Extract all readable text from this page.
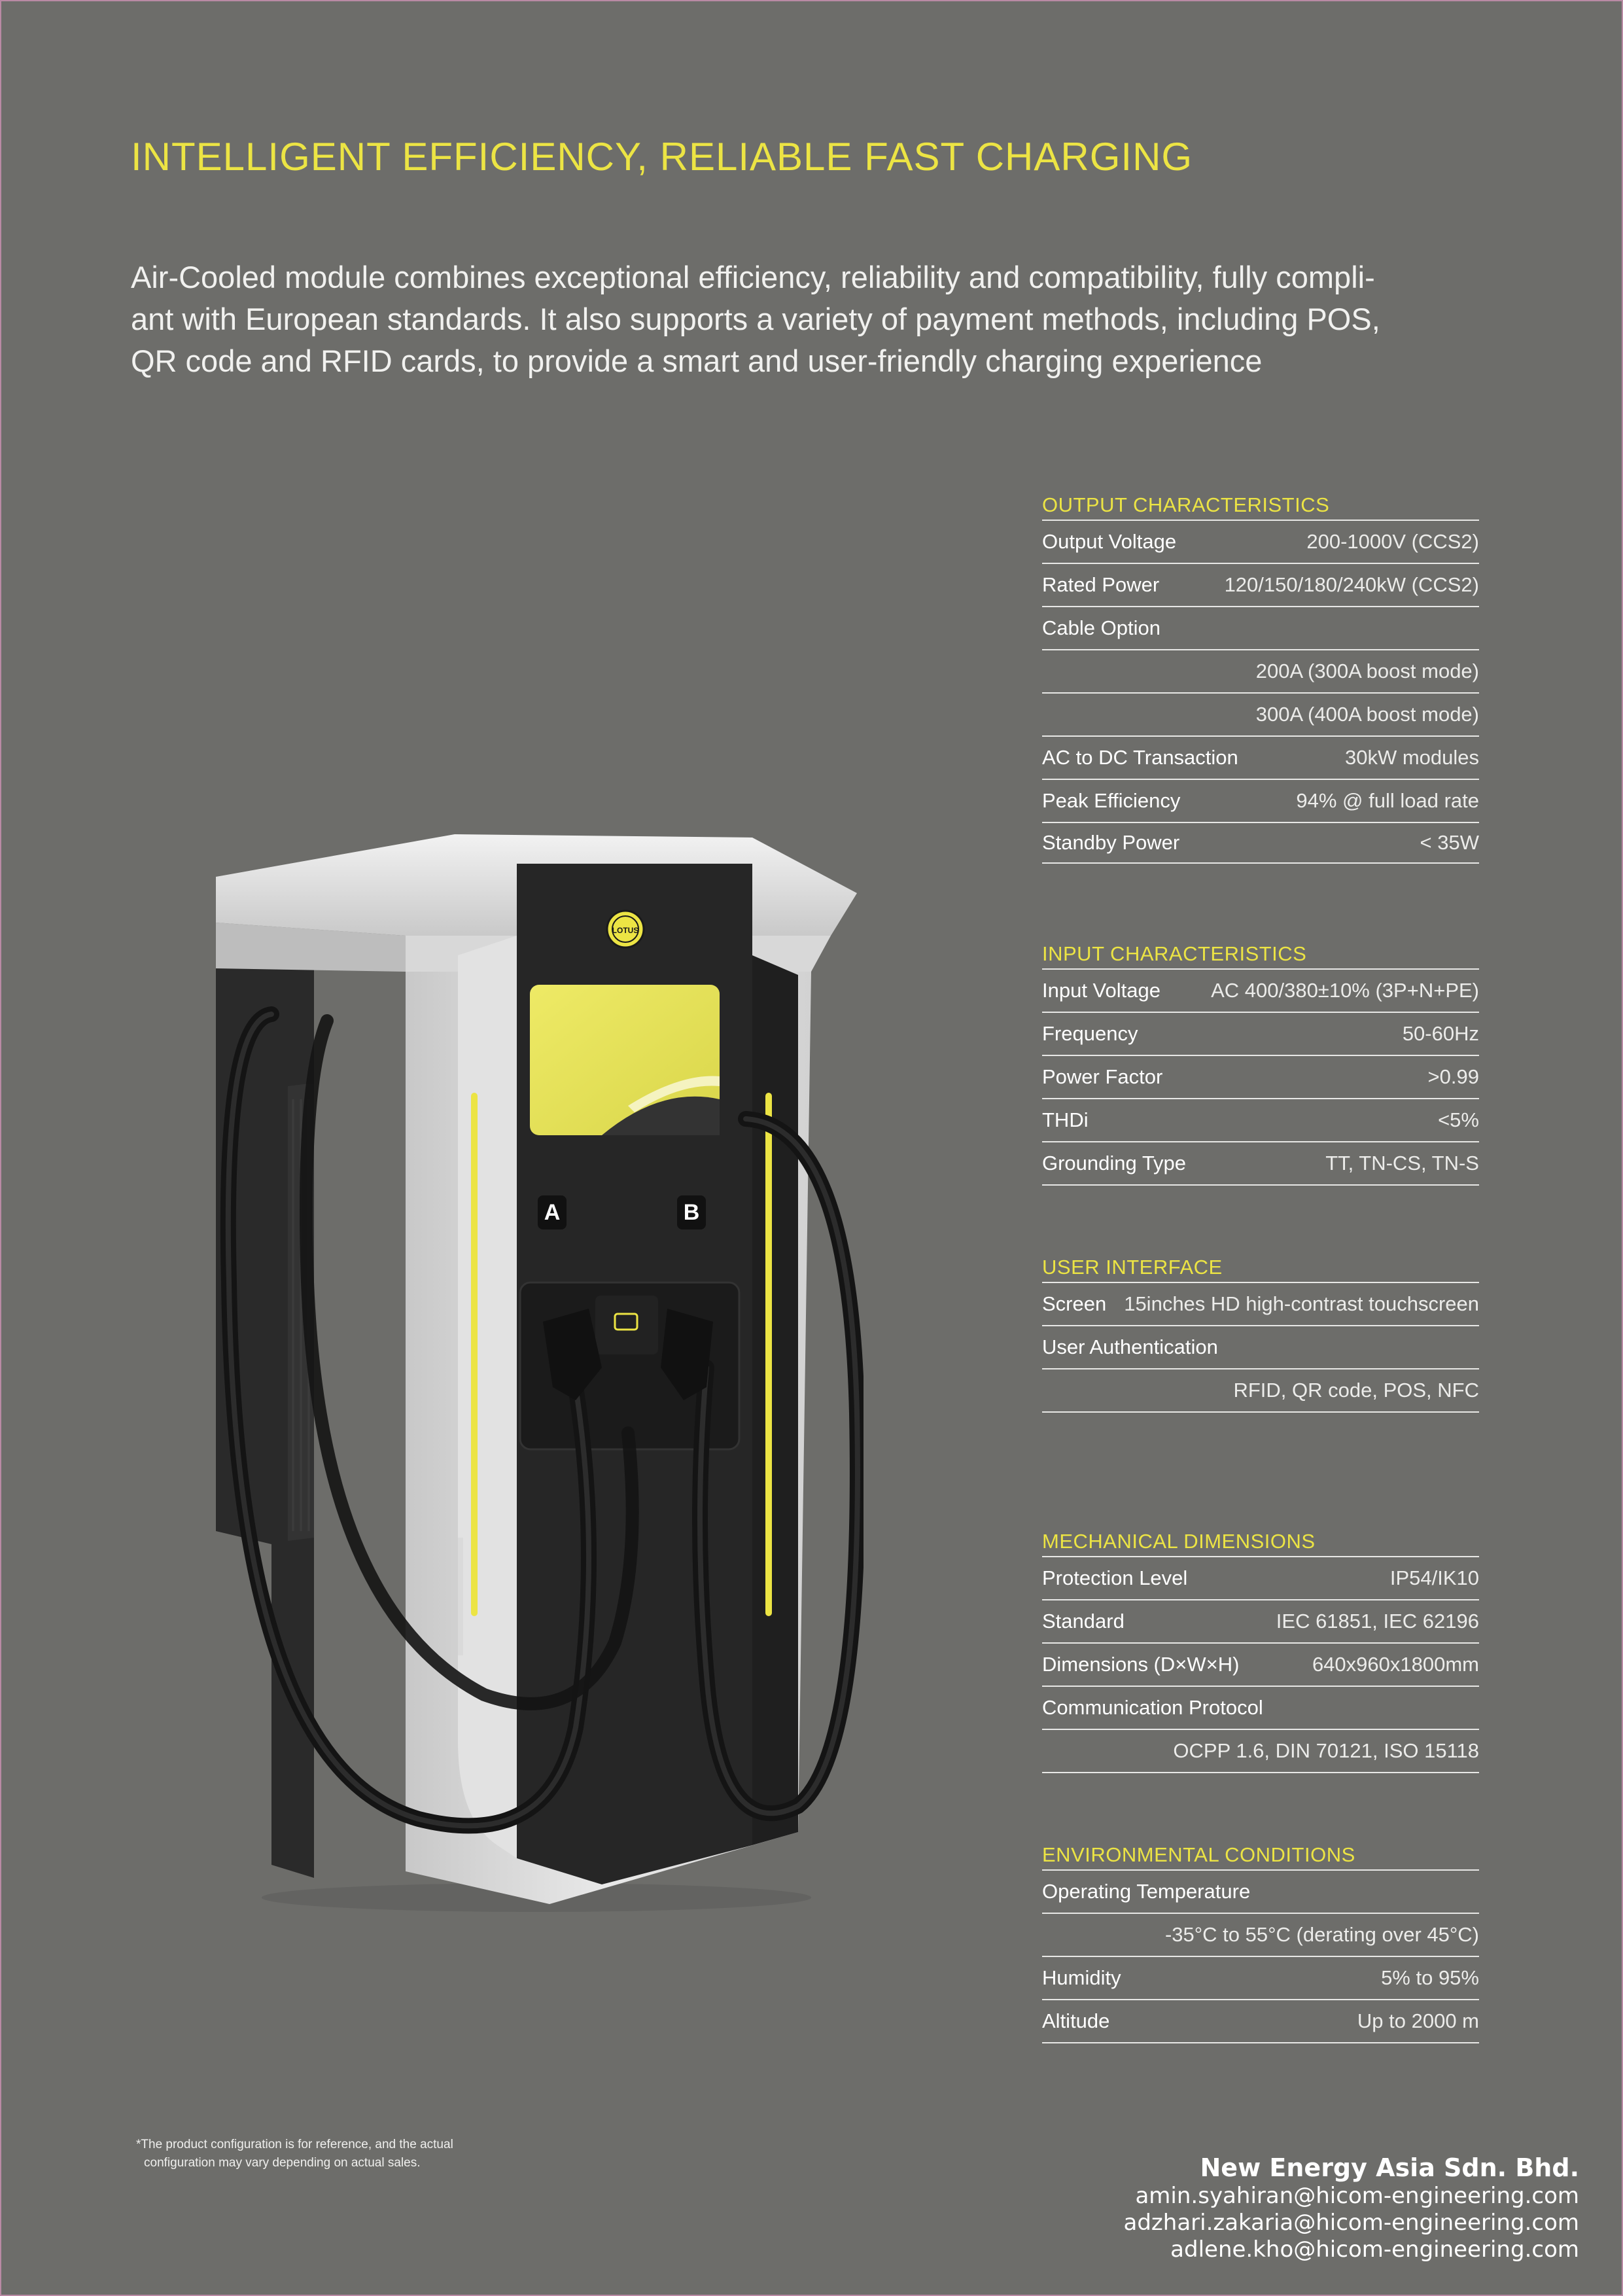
INTELLIGENT EFFICIENCY, RELIABLE FAST CHARGING

Air-Cooled module combines exceptional efficiency, reliability and compatibility, fully compli-
ant with European standards. It also supports a variety of payment methods, including POS,
QR code and RFID cards, to provide a smart and user-friendly charging experience

LOTUS
A	B
OUTPUT CHARACTERISTICS
Output Voltage	200-1000V (CCS2)
Rated Power	120/150/180/240kW (CCS2)
Cable Option
200A (300A boost mode)
300A (400A boost mode)
AC to DC Transaction	30kW modules
Peak Efficiency	94% @ full load rate
Standby Power	< 35W
INPUT CHARACTERISTICS
Input Voltage AC 400/380±10% (3P+N+PE)
Frequency	50-60Hz
Power Factor	>0.99
THDi	<5%
Grounding Type	TT, TN-CS, TN-S
USER INTERFACE
Screen 15inches HD high-contrast touchscreen
User Authentication
RFID, QR code, POS, NFC
MECHANICAL DIMENSIONS
Protection Level	IP54/IK10
Standard	IEC 61851, IEC 62196
Dimensions (D×W×H)	640x960x1800mm
Communication Protocol
OCPP 1.6, DIN 70121, ISO 15118
ENVIRONMENTAL CONDITIONS
Operating Temperature
-35°C to 55°C (derating over 45°C)
Humidity	5% to 95%
Altitude	Up to 2000 m
*The product configuration is for reference, and the actual
configuration may vary depending on actual sales.	New Energy Asia Sdn. Bhd.
amin.syahiran@hicom-engineering.com
adzhari.zakaria@hicom-engineering.com
adlene.kho@hicom-engineering.com
